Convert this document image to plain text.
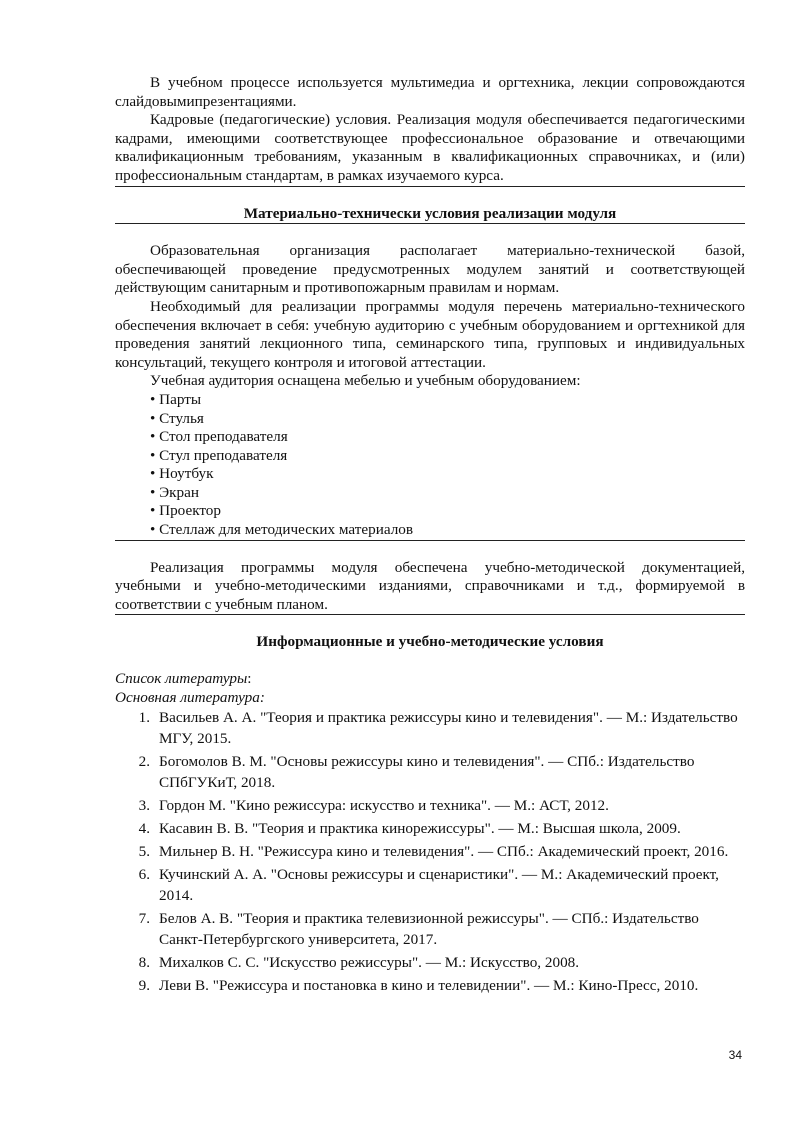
В учебном процессе используется мультимедиа и оргтехника, лекции сопровождаются слайдовымипрезентациями.

Кадровые (педагогические) условия. Реализация модуля обеспечивается педагогическими кадрами, имеющими соответствующее профессиональное образование и отвечающими квалификационным требованиям, указанным в квалификационных справочниках, и (или) профессиональным стандартам, в рамках изучаемого курса.

Материально-технически условия реализации модуля

Образовательная организация располагает материально-технической базой, обеспечивающей проведение предусмотренных модулем занятий и соответствующей действующим санитарным и противопожарным правилам и нормам.

Необходимый для реализации программы модуля перечень материально-технического обеспечения включает в себя: учебную аудиторию с учебным оборудованием и оргтехникой для проведения занятий лекционного типа, семинарского типа, групповых и индивидуальных консультаций, текущего контроля и итоговой аттестации.

Учебная аудитория оснащена мебелью и учебным оборудованием:

• Парты
• Стулья
• Стол преподавателя
• Стул преподавателя
• Ноутбук
• Экран
• Проектор
• Стеллаж для методических материалов

Реализация программы модуля обеспечена учебно-методической документацией, учебными и учебно-методическими изданиями, справочниками и т.д., формируемой в соответствии с учебным планом.

Информационные и учебно-методические условия

Список литературы:

Основная литература:

1. Васильев А. А. "Теория и практика режиссуры кино и телевидения". — М.: Издательство МГУ, 2015.
2. Богомолов В. М. "Основы режиссуры кино и телевидения". — СПб.: Издательство СПбГУКиТ, 2018.
3. Гордон М. "Кино режиссура: искусство и техника". — М.: АСТ, 2012.
4. Касавин В. В. "Теория и практика кинорежиссуры". — М.: Высшая школа, 2009.
5. Мильнер В. Н. "Режиссура кино и телевидения". — СПб.: Академический проект, 2016.
6. Кучинский А. А. "Основы режиссуры и сценаристики". — М.: Академический проект, 2014.
7. Белов А. В. "Теория и практика телевизионной режиссуры". — СПб.: Издательство Санкт-Петербургского университета, 2017.
8. Михалков С. С. "Искусство режиссуры". — М.: Искусство, 2008.
9. Леви В. "Режиссура и постановка в кино и телевидении". — М.: Кино-Пресс, 2010.
34
